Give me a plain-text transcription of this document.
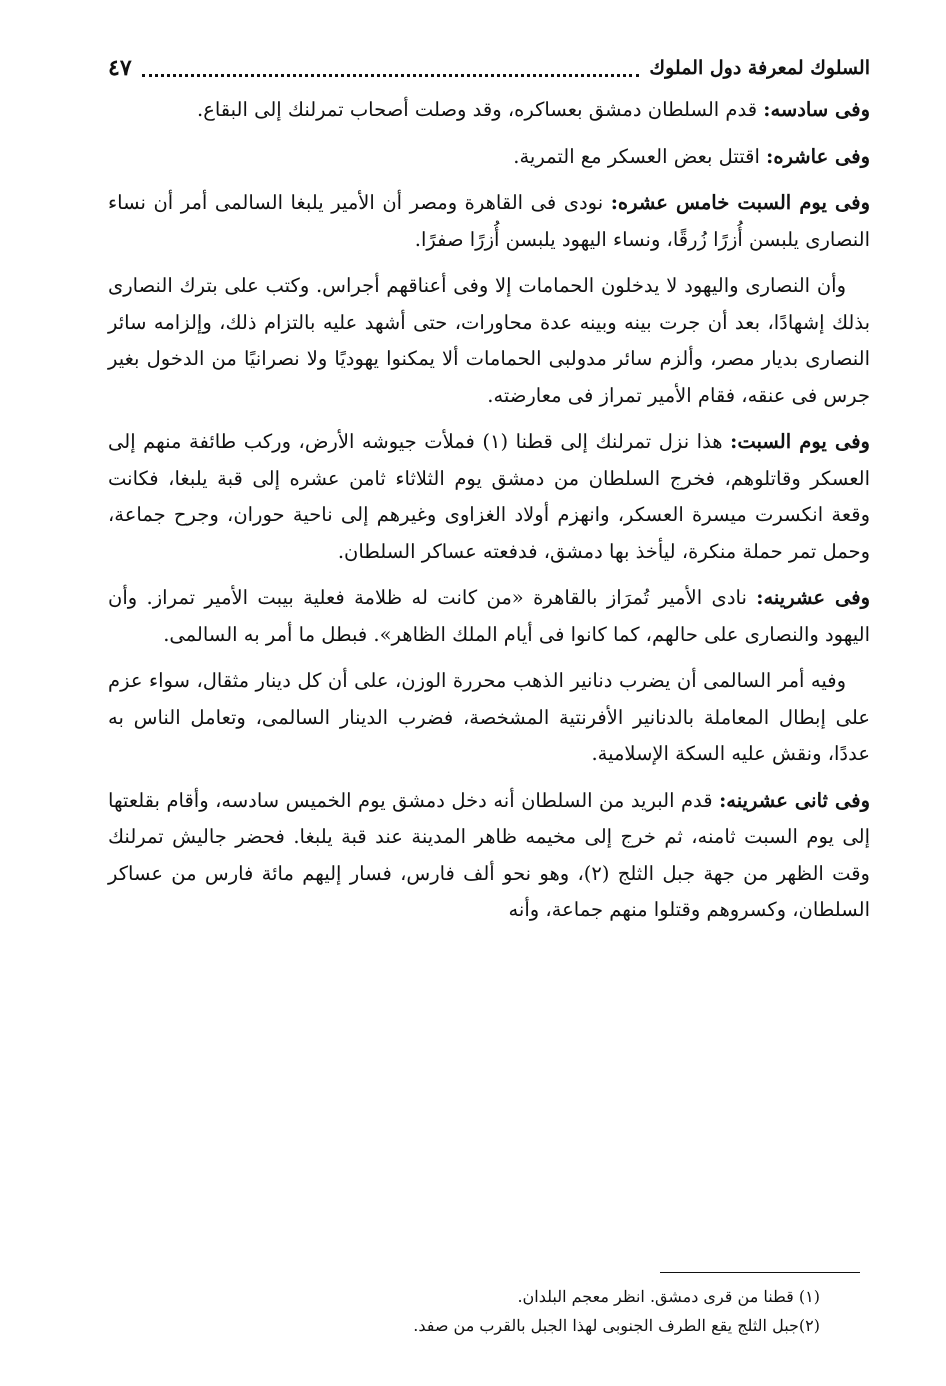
السلوك لمعرفة دول الملوك
٤٧

وفى سادسه: قدم السلطان دمشق بعساكره، وقد وصلت أصحاب تمرلنك إلى البقاع.

وفى عاشره: اقتتل بعض العسكر مع التمرية.

وفى يوم السبت خامس عشره: نودى فى القاهرة ومصر أن الأمير يلبغا السالمى أمر أن نساء النصارى يلبسن أُزرًا زُرقًا، ونساء اليهود يلبسن أُزرًا صفرًا.

وأن النصارى واليهود لا يدخلون الحمامات إلا وفى أعناقهم أجراس. وكتب على بترك النصارى بذلك إشهادًا، بعد أن جرت بينه وبينه عدة محاورات، حتى أشهد عليه بالتزام ذلك، وإلزامه سائر النصارى بديار مصر، وألزم سائر مدولبى الحمامات ألا يمكنوا يهوديًا ولا نصرانيًا من الدخول بغير جرس فى عنقه، فقام الأمير تمراز فى معارضته.

وفى يوم السبت: هذا نزل تمرلنك إلى قطنا (١) فملأت جيوشه الأرض، وركب طائفة منهم إلى العسكر وقاتلوهم، فخرج السلطان من دمشق يوم الثلاثاء ثامن عشره إلى قبة يلبغا، فكانت وقعة انكسرت ميسرة العسكر، وانهزم أولاد الغزاوى وغيرهم إلى ناحية حوران، وجرح جماعة، وحمل تمر حملة منكرة، ليأخذ بها دمشق، فدفعته عساكر السلطان.

وفى عشرينه: نادى الأمير تُمرَاز بالقاهرة «من كانت له ظلامة فعلية بيبت الأمير تمراز. وأن اليهود والنصارى على حالهم، كما كانوا فى أيام الملك الظاهر». فبطل ما أمر به السالمى.

وفيه أمر السالمى أن يضرب دنانير الذهب محررة الوزن، على أن كل دينار مثقال، سواء عزم على إبطال المعاملة بالدنانير الأفرنتية المشخصة، فضرب الدينار السالمى، وتعامل الناس به عددًا، ونقش عليه السكة الإسلامية.

وفى ثانى عشرينه: قدم البريد من السلطان أنه دخل دمشق يوم الخميس سادسه، وأقام بقلعتها إلى يوم السبت ثامنه، ثم خرج إلى مخيمه ظاهر المدينة عند قبة يلبغا. فحضر جاليش تمرلنك وقت الظهر من جهة جبل الثلج (٢)، وهو نحو ألف فارس، فسار إليهم مائة فارس من عساكر السلطان، وكسروهم وقتلوا منهم جماعة، وأنه

(١) قطنا من قرى دمشق. انظر معجم البلدان.

(٢)جبل الثلج يقع الطرف الجنوبى لهذا الجبل بالقرب من صفد.
